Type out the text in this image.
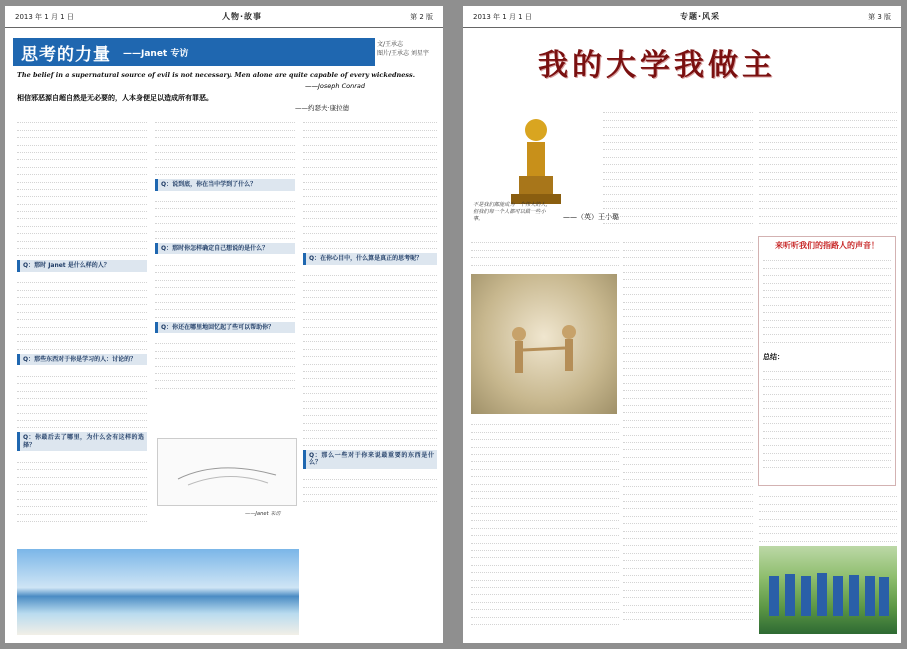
2013 年 1 月 1 日	人物·故事	第 2 版
思考的力量 ——Janet 专访
文/王承志
图片/王承志 刘星宇
The belief in a supernatural source of evil is not necessary. Men alone are quite capable of every wickedness.
——Joseph Conrad
相信邪恶源自超自然是无必要的，人本身便足以造成所有罪恶。
——约瑟夫·康拉德
Q：那时 Janet 是什么样的人？
Q：那些东西对于你是学习的人：讨论的？
Q：你最后去了哪里，为什么会有这样的选择？
Q：说到底，你在当中学到了什么？
Q：那时你怎样确定自己想说的是什么？
Q：你还在哪里地回忆起了些可以帮助你？
——Janet 采访
Q：在你心目中，什么算是真正的思考呢？
Q：那么一些对于你来说最重要的东西是什么？
2013 年 1 月 1 日	专题·风采	第 3 版
我的大学我做主
不是我们都能成为一个伟大的人，但我们每一个人都可以做一些小事。	——（英）王小璐
来听听我们的指路人的声音！
总结：
